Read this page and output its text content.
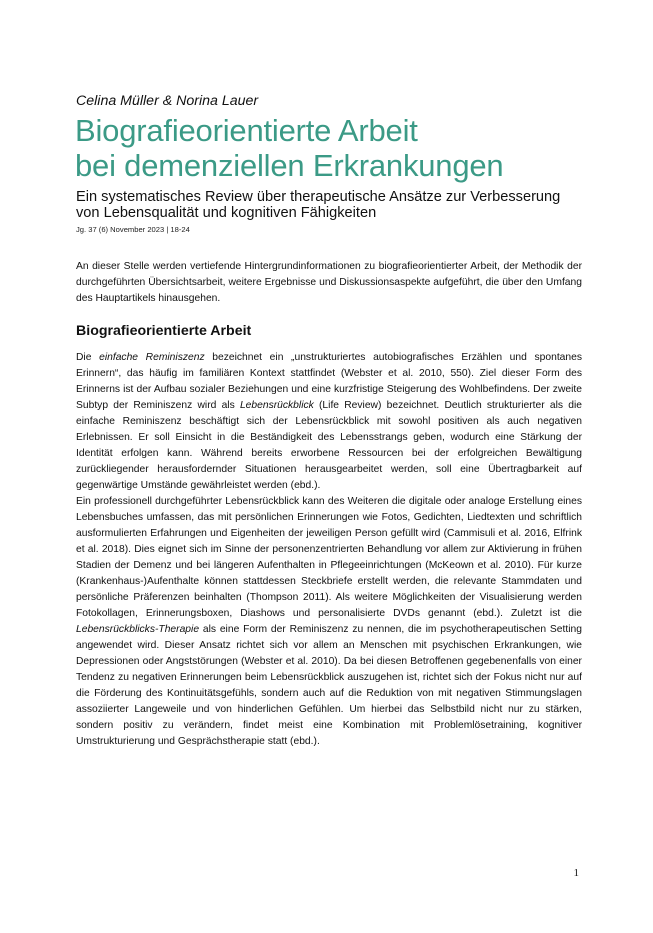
Celina Müller & Norina Lauer

Biografieorientierte Arbeit
bei demenziellen Erkrankungen

Ein systematisches Review über therapeutische Ansätze zur Verbesserung von Lebensqualität und kognitiven Fähigkeiten

Jg. 37 (6) November 2023 | 18-24

An dieser Stelle werden vertiefende Hintergrundinformationen zu biografieorientierter Arbeit, der Methodik der durchgeführten Übersichtsarbeit, weitere Ergebnisse und Diskussionsaspekte aufgeführt, die über den Umfang des Hauptartikels hinausgehen.

Biografieorientierte Arbeit

Die einfache Reminiszenz bezeichnet ein „unstrukturiertes autobiografisches Erzählen und spontanes Erinnern“, das häufig im familiären Kontext stattfindet (Webster et al. 2010, 550). Ziel dieser Form des Erinnerns ist der Aufbau sozialer Beziehungen und eine kurzfristige Steigerung des Wohlbefindens. Der zweite Subtyp der Reminiszenz wird als Lebensrückblick (Life Review) bezeichnet. Deutlich strukturierter als die einfache Reminiszenz beschäftigt sich der Lebensrückblick mit sowohl positiven als auch negativen Erlebnissen. Er soll Einsicht in die Beständigkeit des Lebensstrangs geben, wodurch eine Stärkung der Identität erfolgen kann. Während bereits erworbene Ressourcen bei der erfolgreichen Bewältigung zurückliegender herausfordernder Situationen herausgearbeitet werden, soll eine Übertragbarkeit auf gegenwärtige Umstände gewährleistet werden (ebd.).

Ein professionell durchgeführter Lebensrückblick kann des Weiteren die digitale oder analoge Erstellung eines Lebensbuches umfassen, das mit persönlichen Erinnerungen wie Fotos, Gedichten, Liedtexten und schriftlich ausformulierten Erfahrungen und Eigenheiten der jeweiligen Person gefüllt wird (Cammisuli et al. 2016, Elfrink et al. 2018). Dies eignet sich im Sinne der personenzentrierten Behandlung vor allem zur Aktivierung in frühen Stadien der Demenz und bei längeren Aufenthalten in Pflegeeinrichtungen (McKeown et al. 2010). Für kurze (Krankenhaus-)Aufenthalte können stattdessen Steckbriefe erstellt werden, die relevante Stammdaten und persönliche Präferenzen beinhalten (Thompson 2011). Als weitere Möglichkeiten der Visualisierung werden Fotokollagen, Erinnerungsboxen, Diashows und personalisierte DVDs genannt (ebd.). Zuletzt ist die Lebensrückblicks-Therapie als eine Form der Reminiszenz zu nennen, die im psychotherapeutischen Setting angewendet wird. Dieser Ansatz richtet sich vor allem an Menschen mit psychischen Erkrankungen, wie Depressionen oder Angststörungen (Webster et al. 2010). Da bei diesen Betroffenen gegebenenfalls von einer Tendenz zu negativen Erinnerungen beim Lebensrückblick auszugehen ist, richtet sich der Fokus nicht nur auf die Förderung des Kontinuitätsgefühls, sondern auch auf die Reduktion von mit negativen Stimmungslagen assoziierter Langeweile und von hinderlichen Gefühlen. Um hierbei das Selbstbild nicht nur zu stärken, sondern positiv zu verändern, findet meist eine Kombination mit Problemlösetraining, kognitiver Umstrukturierung und Gesprächstherapie statt (ebd.).

1
